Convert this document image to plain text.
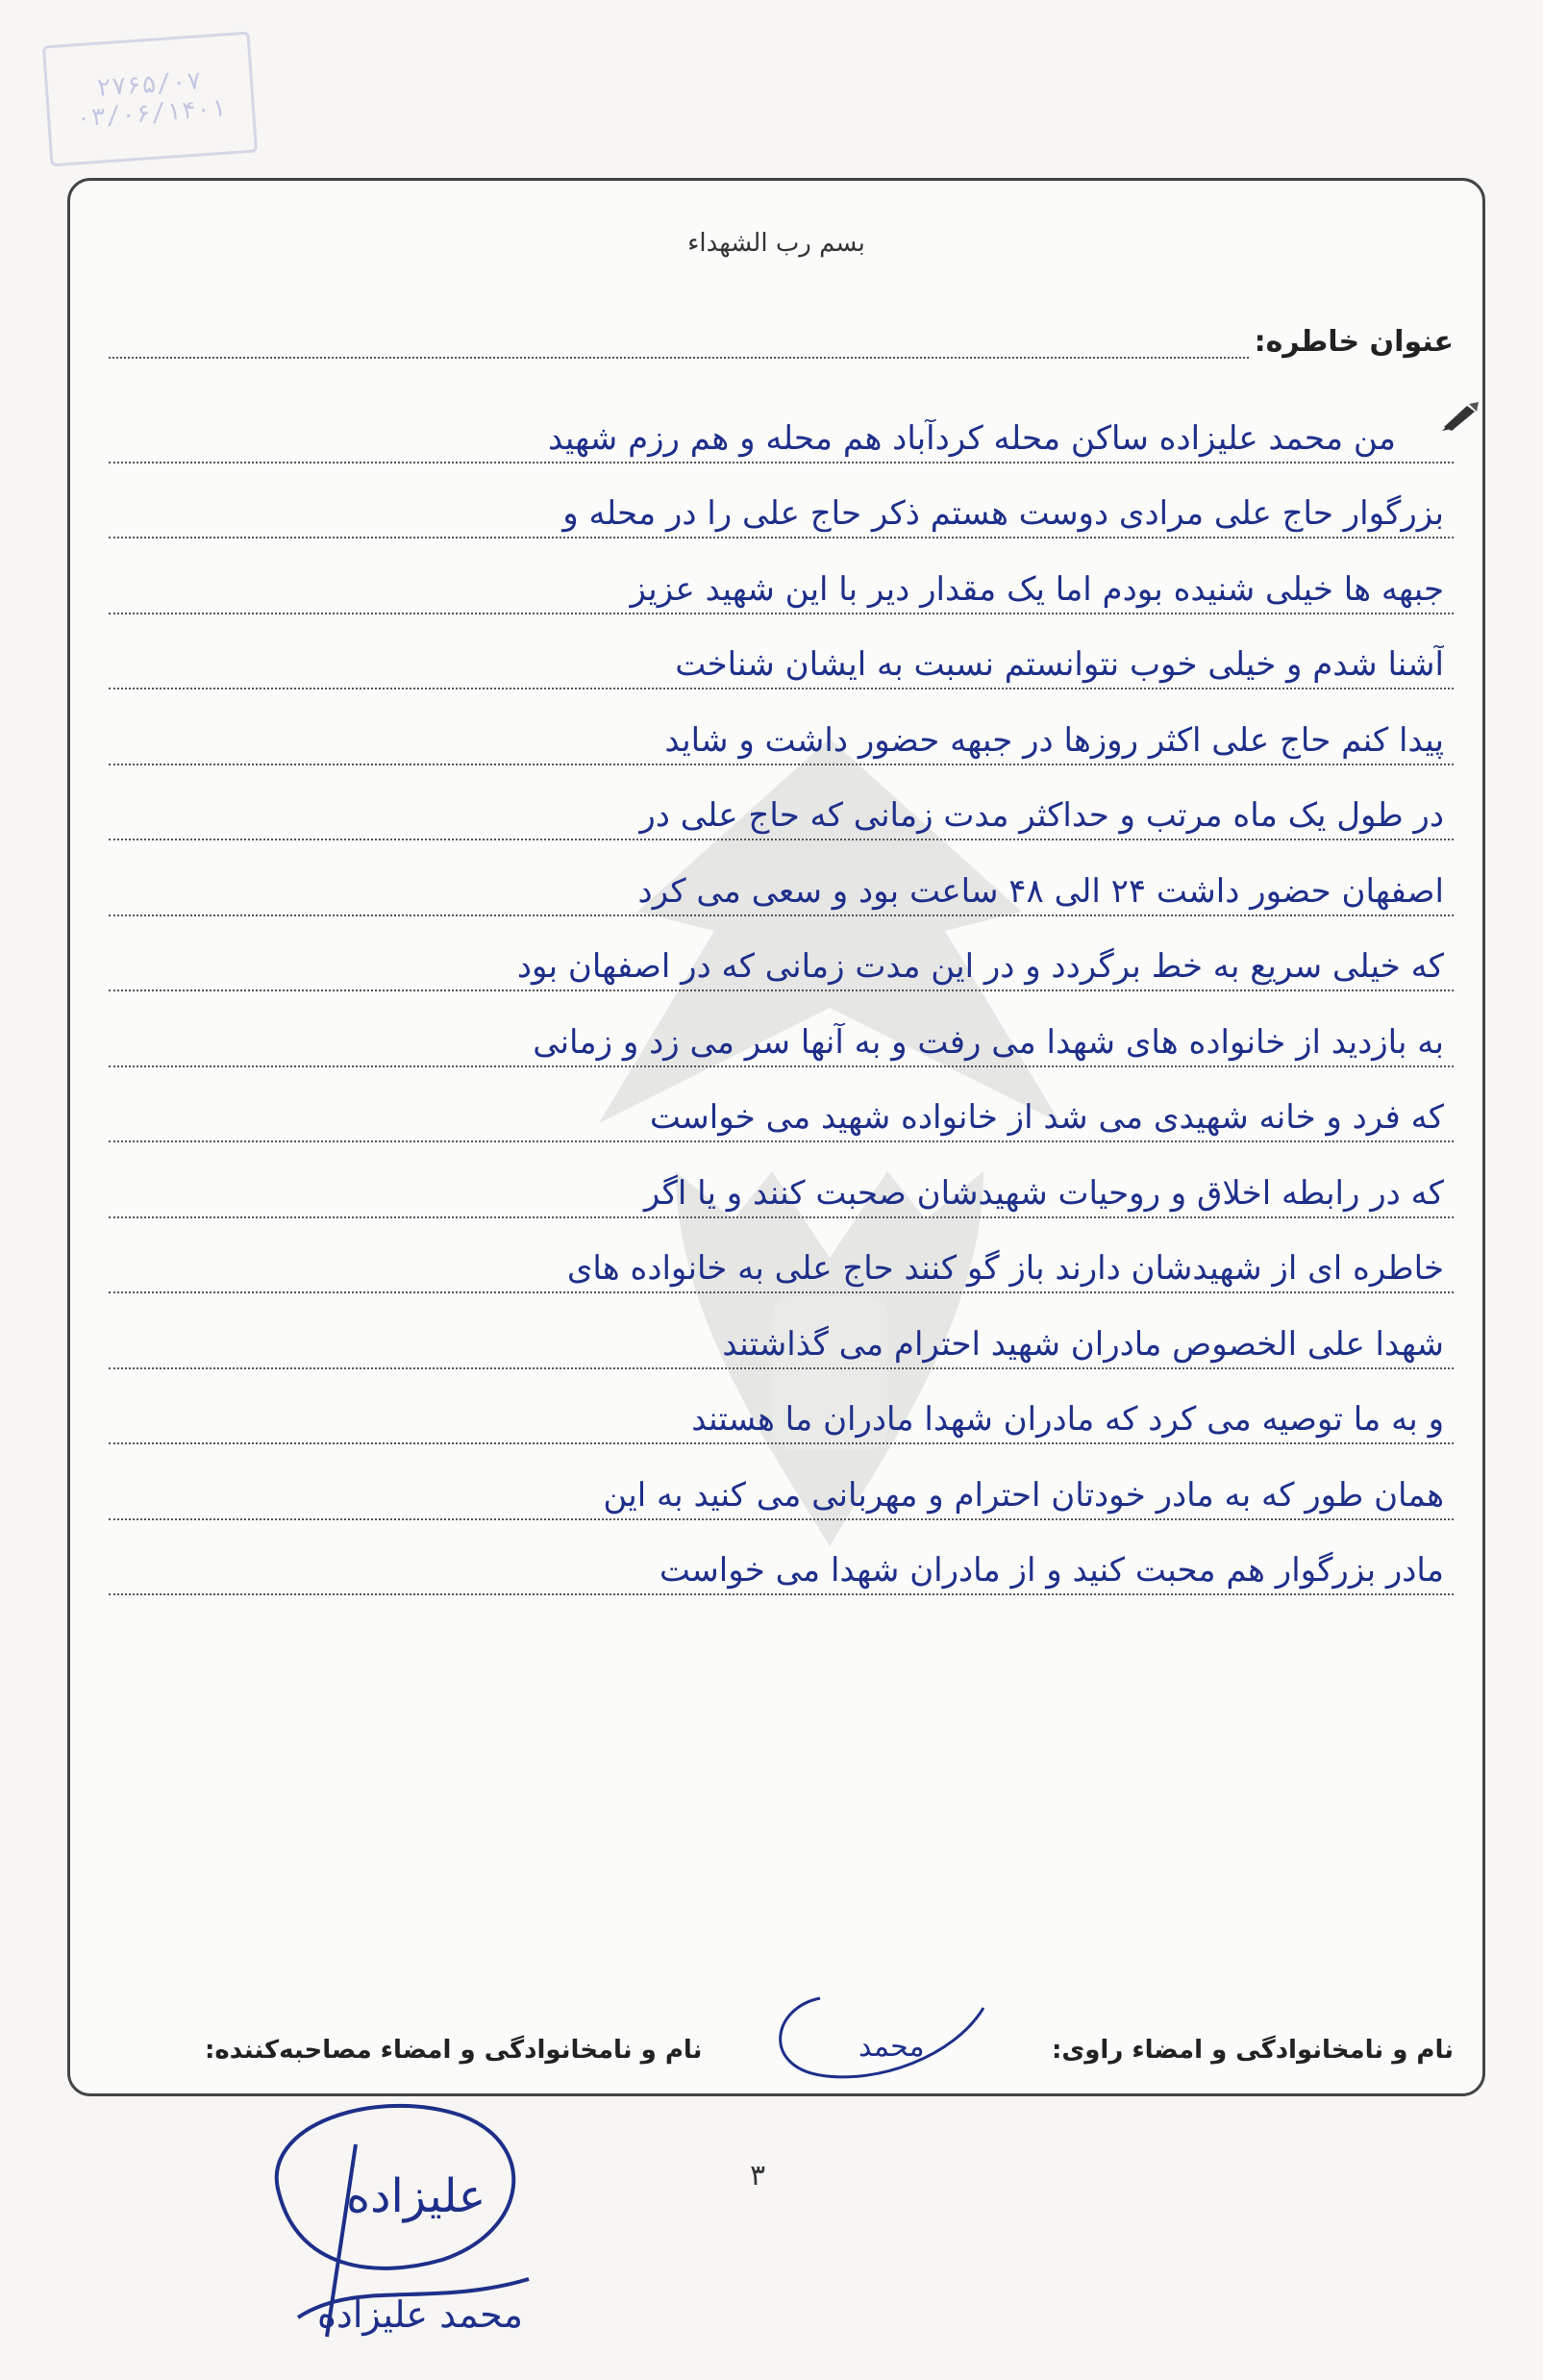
۲۷۶۵/۰۷
۰۳/۰۶/۱۴۰۱
بسم رب الشهداء
عنوان خاطره:
من محمد علیزاده ساکن محله کردآباد هم محله و هم رزم شهید
بزرگوار حاج علی مرادی دوست هستم ذکر حاج علی را در محله و
جبهه ها خیلی شنیده بودم اما یک مقدار دیر با این شهید عزیز
آشنا شدم و خیلی خوب نتوانستم نسبت به ایشان شناخت
پیدا کنم حاج علی اکثر روزها در جبهه حضور داشت و شاید
در طول یک ماه مرتب و حداکثر مدت زمانی که حاج علی در
اصفهان حضور داشت ۲۴ الی ۴۸ ساعت بود و سعی می کرد
که خیلی سریع به خط برگردد و در این مدت زمانی که در اصفهان بود
به بازدید از خانواده های شهدا می رفت و به آنها سر می زد و زمانی
که فرد و خانه شهیدی می شد از خانواده شهید می خواست
که در رابطه اخلاق و روحیات شهیدشان صحبت کنند و یا اگر
خاطره ای از شهیدشان دارند باز گو کنند حاج علی به خانواده های
شهدا علی الخصوص مادران شهید احترام می گذاشتند
و به ما توصیه می کرد که مادران شهدا مادران ما هستند
همان طور که به مادر خودتان احترام و مهربانی می کنید به این
مادر بزرگوار هم محبت کنید و از مادران شهدا می خواست
محمد	نام و نامخانوادگی و امضاء راوی:
نام و نامخانوادگی و امضاء مصاحبه‌کننده:
۳
علیزاده
محمد علیزاده
